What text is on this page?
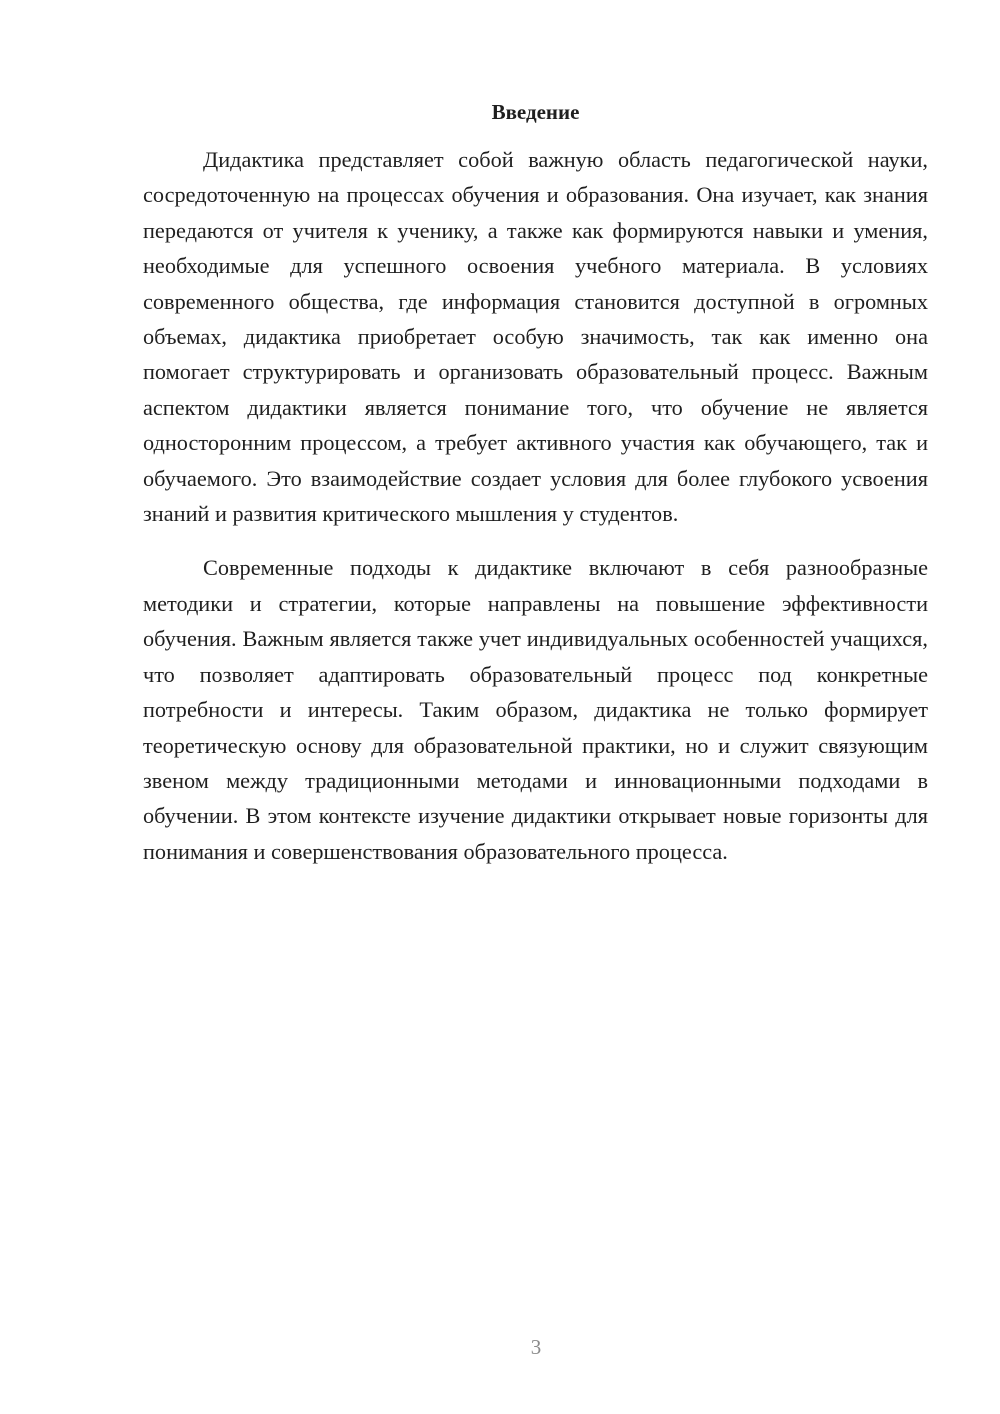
Введение

Дидактика представляет собой важную область педагогической науки, сосредоточенную на процессах обучения и образования. Она изучает, как знания передаются от учителя к ученику, а также как формируются навыки и умения, необходимые для успешного освоения учебного материала. В условиях современного общества, где информация становится доступной в огромных объемах, дидактика приобретает особую значимость, так как именно она помогает структурировать и организовать образовательный процесс. Важным аспектом дидактики является понимание того, что обучение не является односторонним процессом, а требует активного участия как обучающего, так и обучаемого. Это взаимодействие создает условия для более глубокого усвоения знаний и развития критического мышления у студентов.

Современные подходы к дидактике включают в себя разнообразные методики и стратегии, которые направлены на повышение эффективности обучения. Важным является также учет индивидуальных особенностей учащихся, что позволяет адаптировать образовательный процесс под конкретные потребности и интересы. Таким образом, дидактика не только формирует теоретическую основу для образовательной практики, но и служит связующим звеном между традиционными методами и инновационными подходами в обучении. В этом контексте изучение дидактики открывает новые горизонты для понимания и совершенствования образовательного процесса.

3
